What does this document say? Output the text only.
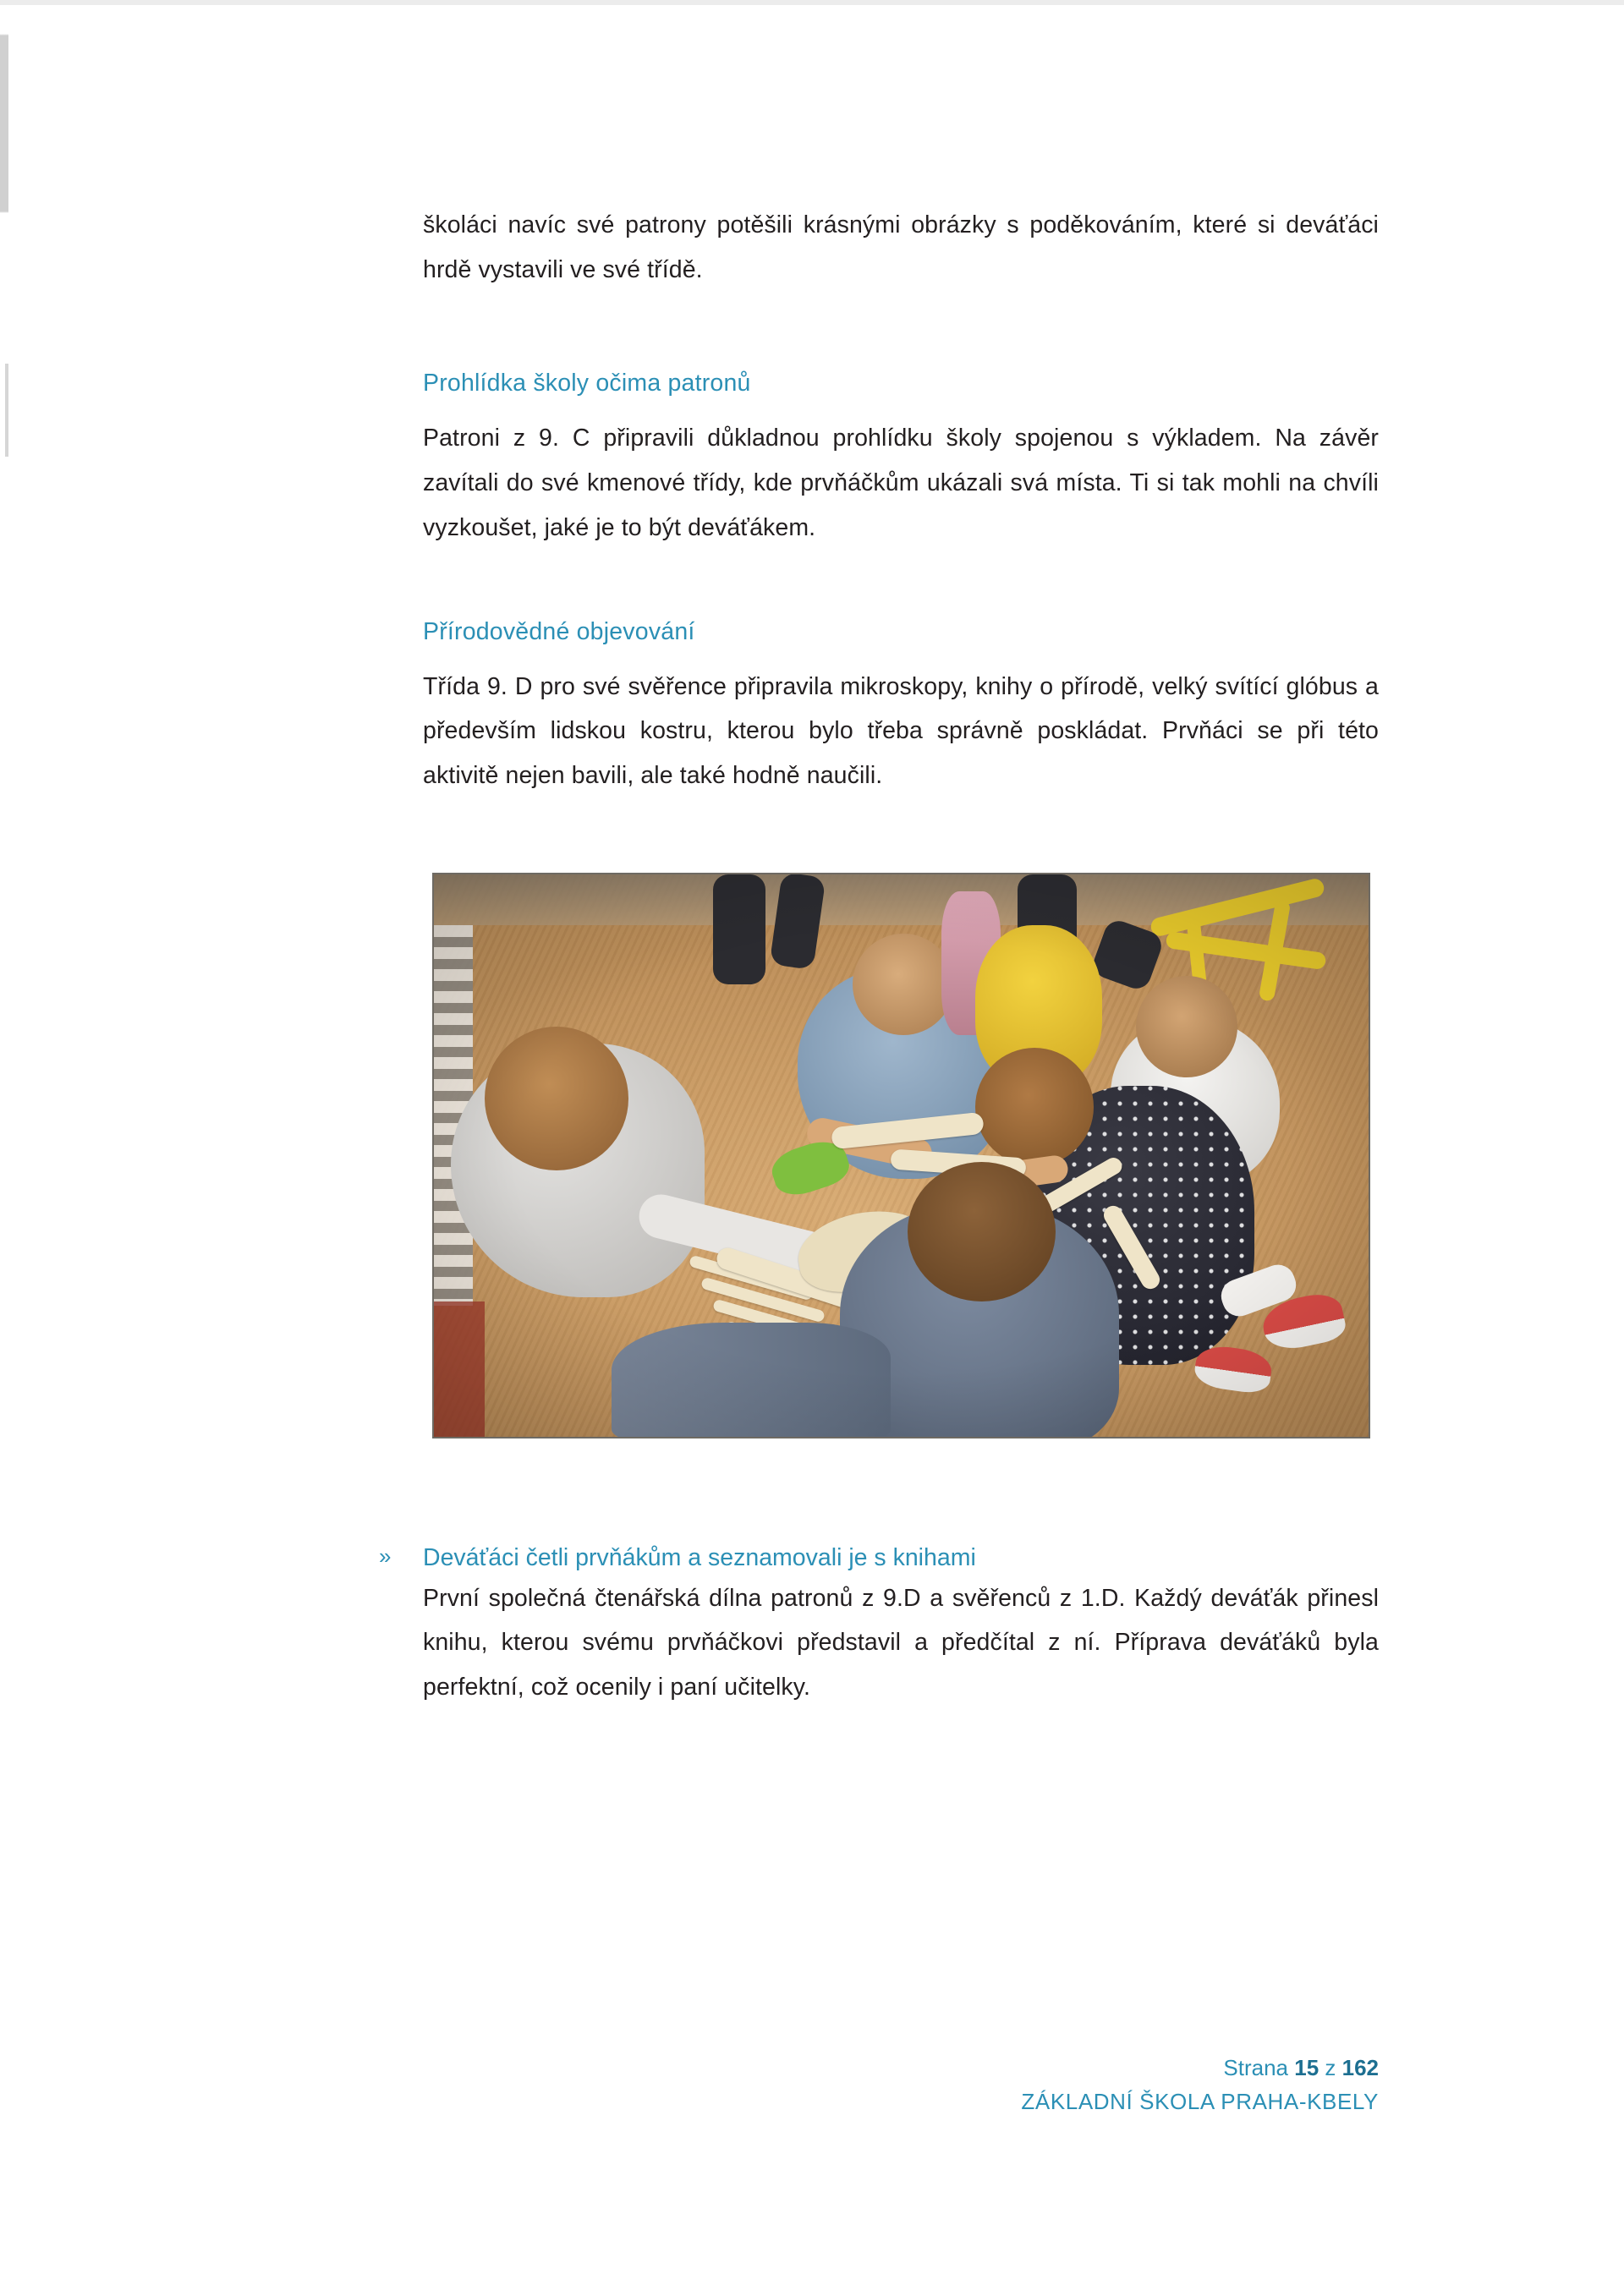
školáci navíc své patrony potěšili krásnými obrázky s poděkováním, které si deváťáci hrdě vystavili ve své třídě.

Prohlídka školy očima patronů

Patroni z 9. C připravili důkladnou prohlídku školy spojenou s výkladem. Na závěr zavítali do své kmenové třídy, kde prvňáčkům ukázali svá místa. Ti si tak mohli na chvíli vyzkoušet, jaké je to být deváťákem.

Přírodovědné objevování

Třída 9. D pro své svěřence připravila mikroskopy, knihy o přírodě, velký svítící glóbus a především lidskou kostru, kterou bylo třeba správně poskládat. Prvňáci se při této aktivitě nejen bavili, ale také hodně naučili.

»	Deváťáci četli prvňákům a seznamovali je s knihami

První společná čtenářská dílna patronů z 9.D a svěřenců z 1.D. Každý deváťák přinesl knihu, kterou svému prvňáčkovi představil a předčítal z ní. Příprava deváťáků byla perfektní, což ocenily i paní učitelky.

Strana 15 z 162
ZÁKLADNÍ ŠKOLA PRAHA-KBELY
